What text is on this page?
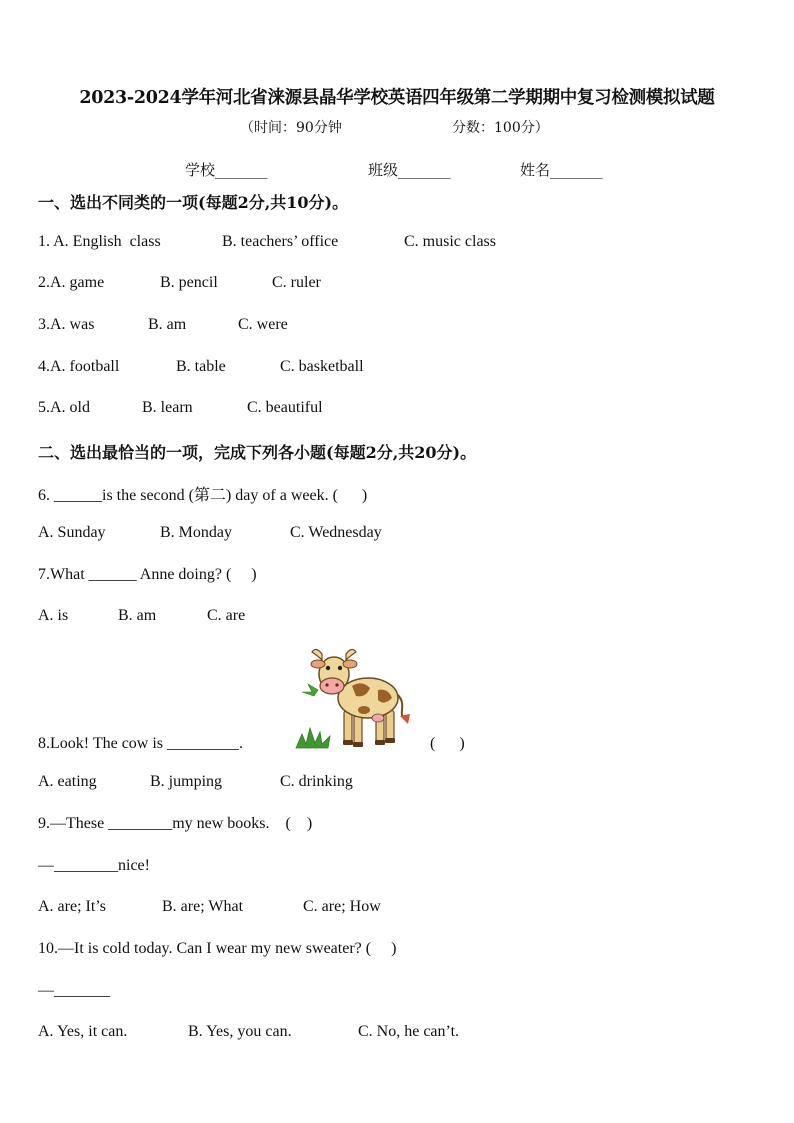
2023-2024学年河北省涞源县晶华学校英语四年级第二学期期中复习检测模拟试题
（时间：90分钟	分数：100分）
学校_______	班级_______	姓名_______
一、选出不同类的一项(每题2分,共10分)。

1. A. English  class

	B. teachers’ office

	C. music class

2.A. game

	B. pencil

	C. ruler

3.A. was

	B. am

	C. were

4.A. football

	B. table

	C. basketball

5.A. old

	B. learn

	C. beautiful

二、选出最恰当的一项，完成下列各小题(每题2分,共20分)。
6. ______is the second (第二) day of a week. (      )

A. Sunday

	B. Monday

	C. Wednesday

7.What ______ Anne doing? (     )

A. is

	B. am

	C. are

8.Look! The cow is _________.	(      )

A. eating

	B. jumping

	C. drinking

9.—These ________my new books.    (    )
—________nice!

A. are; It’s

	B. are; What

	C. are; How

10.—It is cold today. Can I wear my new sweater? (     )
—_______

A. Yes, it can.

	B. Yes, you can.

	C. No, he can’t.
